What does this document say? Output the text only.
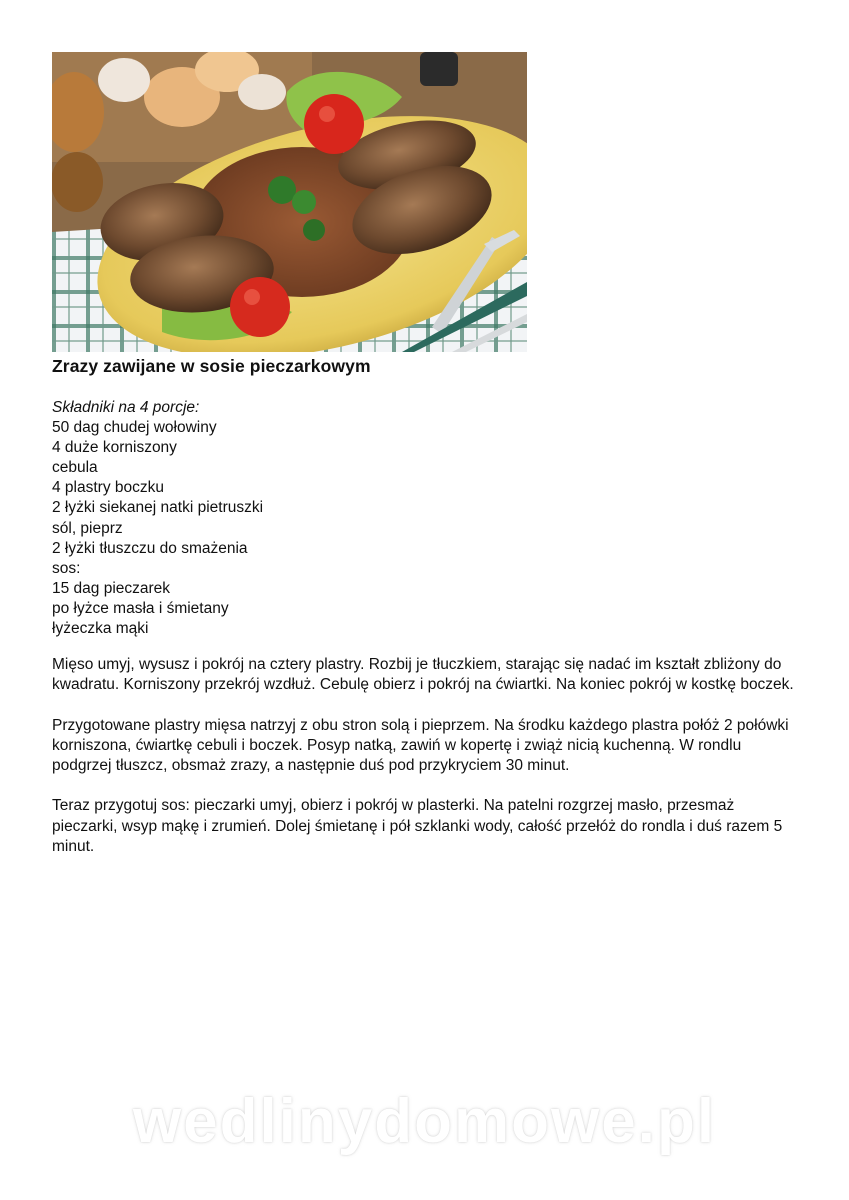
Zrazy zawijane w sosie pieczarkowym
Składniki na 4 porcje:
50 dag chudej wołowiny
4 duże korniszony
cebula
4 plastry boczku
2 łyżki siekanej natki pietruszki
sól, pieprz
2 łyżki tłuszczu do smażenia
sos:
15 dag pieczarek
po łyżce masła i śmietany
łyżeczka mąki

Mięso umyj, wysusz i pokrój na cztery plastry. Rozbij je tłuczkiem, starając się nadać im kształt zbliżony do kwadratu. Korniszony przekrój wzdłuż. Cebulę obierz i pokrój na ćwiartki. Na koniec pokrój w kostkę boczek.

Przygotowane plastry mięsa natrzyj z obu stron solą i pieprzem. Na środku każdego plastra połóż 2 połówki korniszona, ćwiartkę cebuli i boczek. Posyp natką, zawiń w kopertę i zwiąż nicią kuchenną. W rondlu podgrzej tłuszcz, obsmaż zrazy, a następnie duś pod przykryciem 30 minut.

Teraz przygotuj sos: pieczarki umyj, obierz i pokrój w plasterki. Na patelni rozgrzej masło, przesmaż pieczarki, wsyp mąkę i zrumień. Dolej śmietanę i pół szklanki wody, całość przełóż do rondla i duś razem 5 minut.

wedlinydomowe.pl
